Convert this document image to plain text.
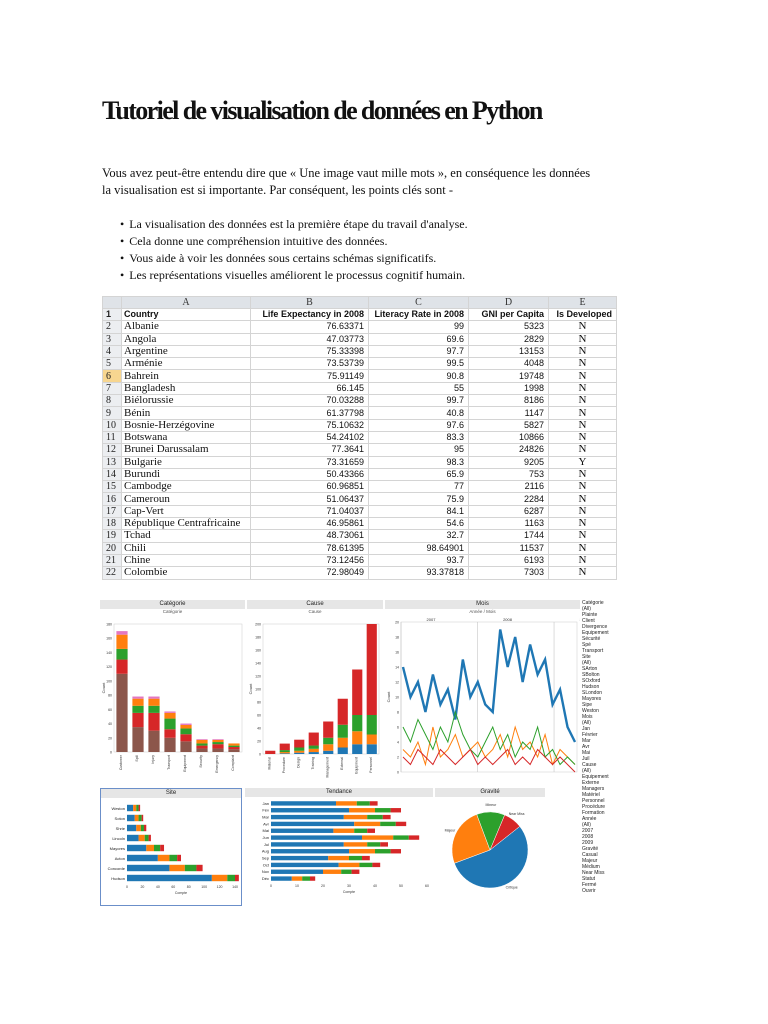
Tutoriel de visualisation de données en Python

Vous avez peut-être entendu dire que « Une image vaut mille mots », en conséquence les données la visualisation est si importante. Par conséquent, les points clés sont -

• La visualisation des données est la première étape du travail d'analyse.
• Cela donne une compréhension intuitive des données.
• Vous aide à voir les données sous certains schémas significatifs.
• Les représentations visuelles améliorent le processus cognitif humain.
	A	B	C	D	E
1	Country	Life Expectancy in 2008	Literacy Rate in 2008	GNI per Capita	Is Developed
2	Albanie	76.63371	99	5323	N
3	Angola	47.03773	69.6	2829	N
4	Argentine	75.33398	97.7	13153	N
5	Arménie	73.53739	99.5	4048	N
6	Bahrein	75.91149	90.8	19748	N
7	Bangladesh	66.145	55	1998	N
8	Biélorussie	70.03288	99.7	8186	N
9	Bénin	61.37798	40.8	1147	N
10	Bosnie-Herzégovine	75.10632	97.6	5827	N
11	Botswana	54.24102	83.3	10866	N
12	Brunei Darussalam	77.3641	95	24826	N
13	Bulgarie	73.31659	98.3	9205	Y
14	Burundi	50.43366	65.9	753	N
15	Cambodge	60.96851	77	2116	N
16	Cameroun	51.06437	75.9	2284	N
17	Cap-Vert	71.04037	84.1	6287	N
18	République Centrafricaine	46.95861	54.6	1163	N
19	Tchad	48.73061	32.7	1744	N
20	Chili	78.61395	98.64901	11537	N
21	Chine	73.12456	93.7	6193	N
22	Colombie	72.98049	93.37818	7303	N
Catégorie
Catégorie
0
20
40
60
80
100
120
140
160
180
Count
Customer	Spill	Injury	Transport	Equipment	Security	Emergency	Complaint
Cause
Cause
0
20
40
60
80
100
120
140
160
180
200
Count
Material	Procedure	Design	Training	Management	External	Equipment	Personnel
Mois
Année / Mois
2007	2008
0
2
4
6
8
10
12
14
16
18
20
Count
Site
Weston
Soton
Shrie
Lincoln
Mayores
Acton
Concorde
Hudson
0	20	40	60	80	100	120	140
Compte
Tendance
Jan
Fév
Mar
Avr
Mai
Jun
Jul
Aug
Sep
Oct
Nov
Déc
0	10	20	30	40	50	60
Compte
Gravité
Critique
Majeur
Mineur
Near Miss
Catégorie
(All)
Plainte
Client
Divergence
Équipement
Sécurité
Spé
Transport
Site
(All)
SArton
SBolton
SOxford
Hudson
SLondon
Mayores
Sipe
Weston
Mois
(All)
Jan
Février
Mar
Avr
Mai
Juil
Cause
(All)
Équipement
Externe
Managers
Matériel
Personnel
Procédure
Formation
Année
(All)
2007
2008
2009
Gravité
Casual
Majeur
Médium
Near Miss
Statut
Fermé
Ouvrir
